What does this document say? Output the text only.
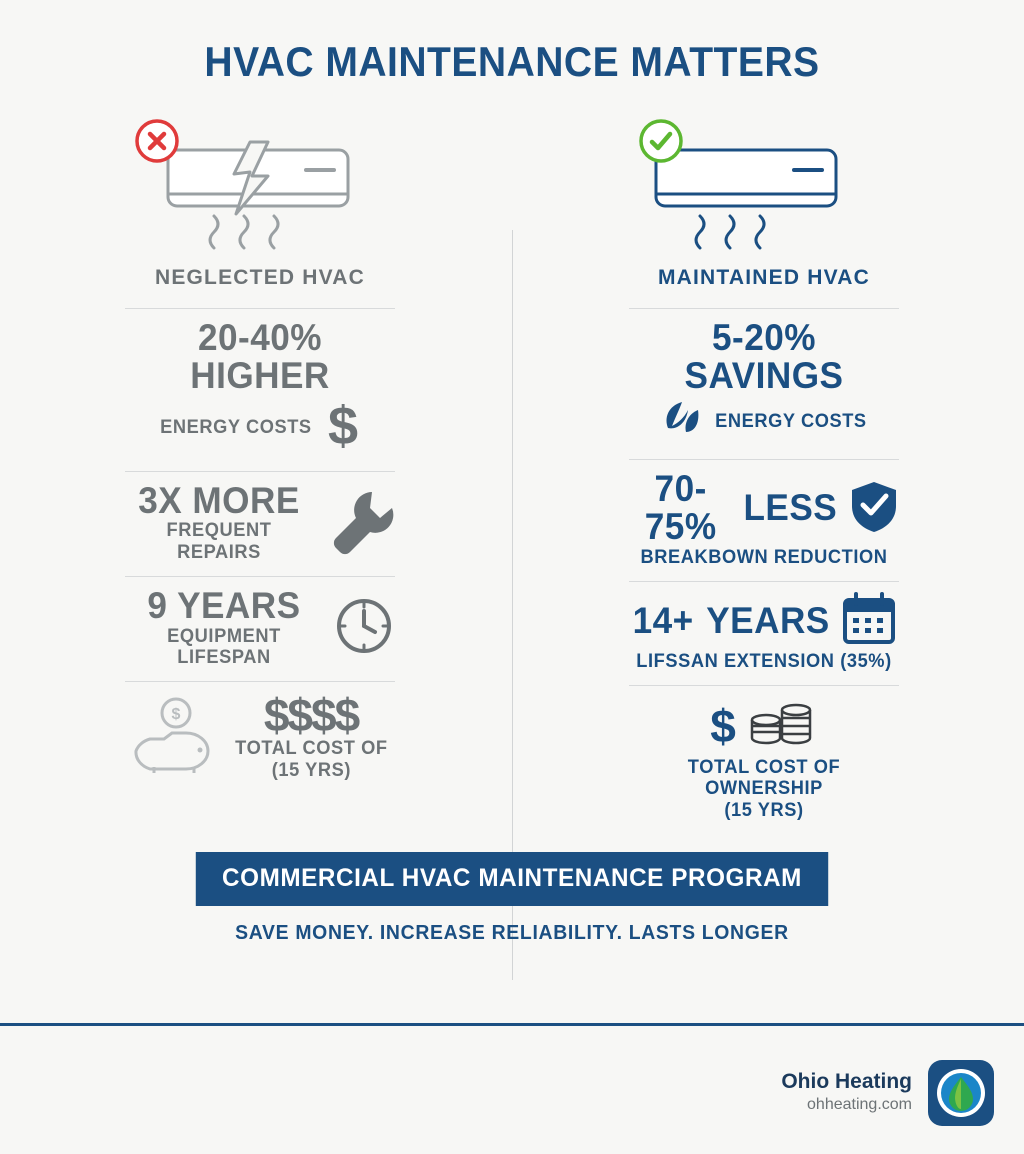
HVAC MAINTENANCE MATTERS
NEGLECTED HVAC
20-40% HIGHER
ENERGY COSTS $
3X MORE
FREQUENT REPAIRS
9 YEARS
EQUIPMENT LIFESPAN
$	$$$$
TOTAL COST OF
(15 YRS)
MAINTAINED HVAC
5-20% SAVINGS
ENERGY COSTS
70-75% LESS
BREAKBOWN REDUCTION
14+ YEARS
LIFSSAN EXTENSION (35%)
$
TOTAL COST OF OWNERSHIP
(15 YRS)
COMMERCIAL HVAC MAINTENANCE PROGRAM
SAVE MONEY. INCREASE RELIABILITY. LASTS LONGER
Ohio Heating
ohheating.com
